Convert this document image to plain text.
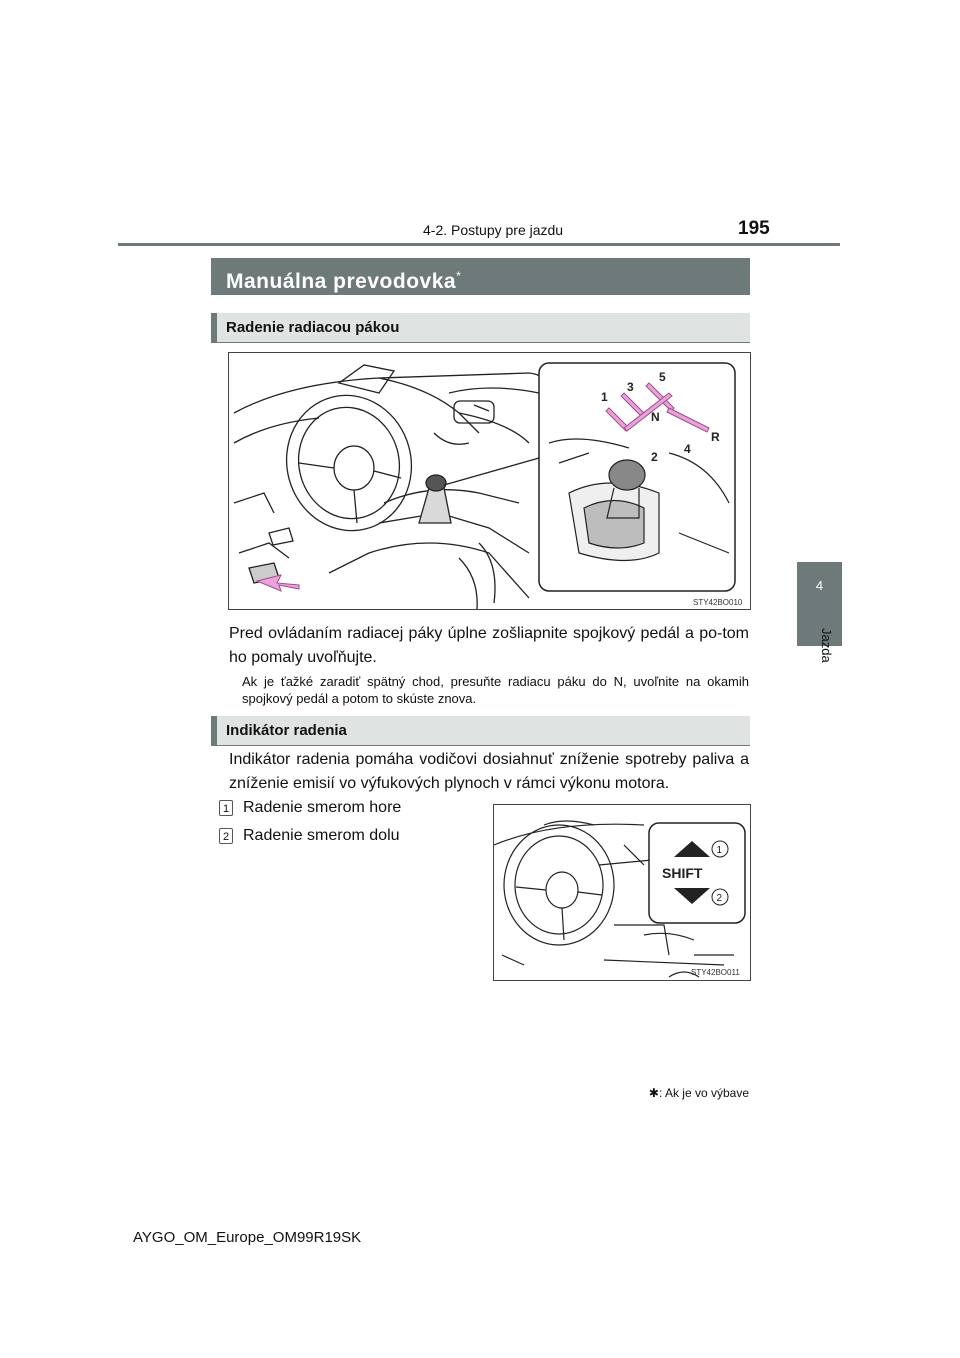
195
4-2. Postupy pre jazdu
4
Jazda
Manuálna prevodovka*
Radenie radiacou pákou
1
2
3
4
5
N
R
STY42BO010
Pred ovládaním radiacej páky úplne zošliapnite spojkový pedál a po-tom ho pomaly uvoľňujte.
Ak je ťažké zaradiť spätný chod, presuňte radiacu páku do N, uvoľnite na okamih spojkový pedál a potom to skúste znova.
Indikátor radenia
Indikátor radenia pomáha vodičovi dosiahnuť zníženie spotreby paliva a zníženie emisií vo výfukových plynoch v rámci výkonu motora.
1 Radenie smerom hore
2 Radenie smerom dolu
SHIFT
1
2
STY42BO011
✱: Ak je vo výbave
AYGO_OM_Europe_OM99R19SK
